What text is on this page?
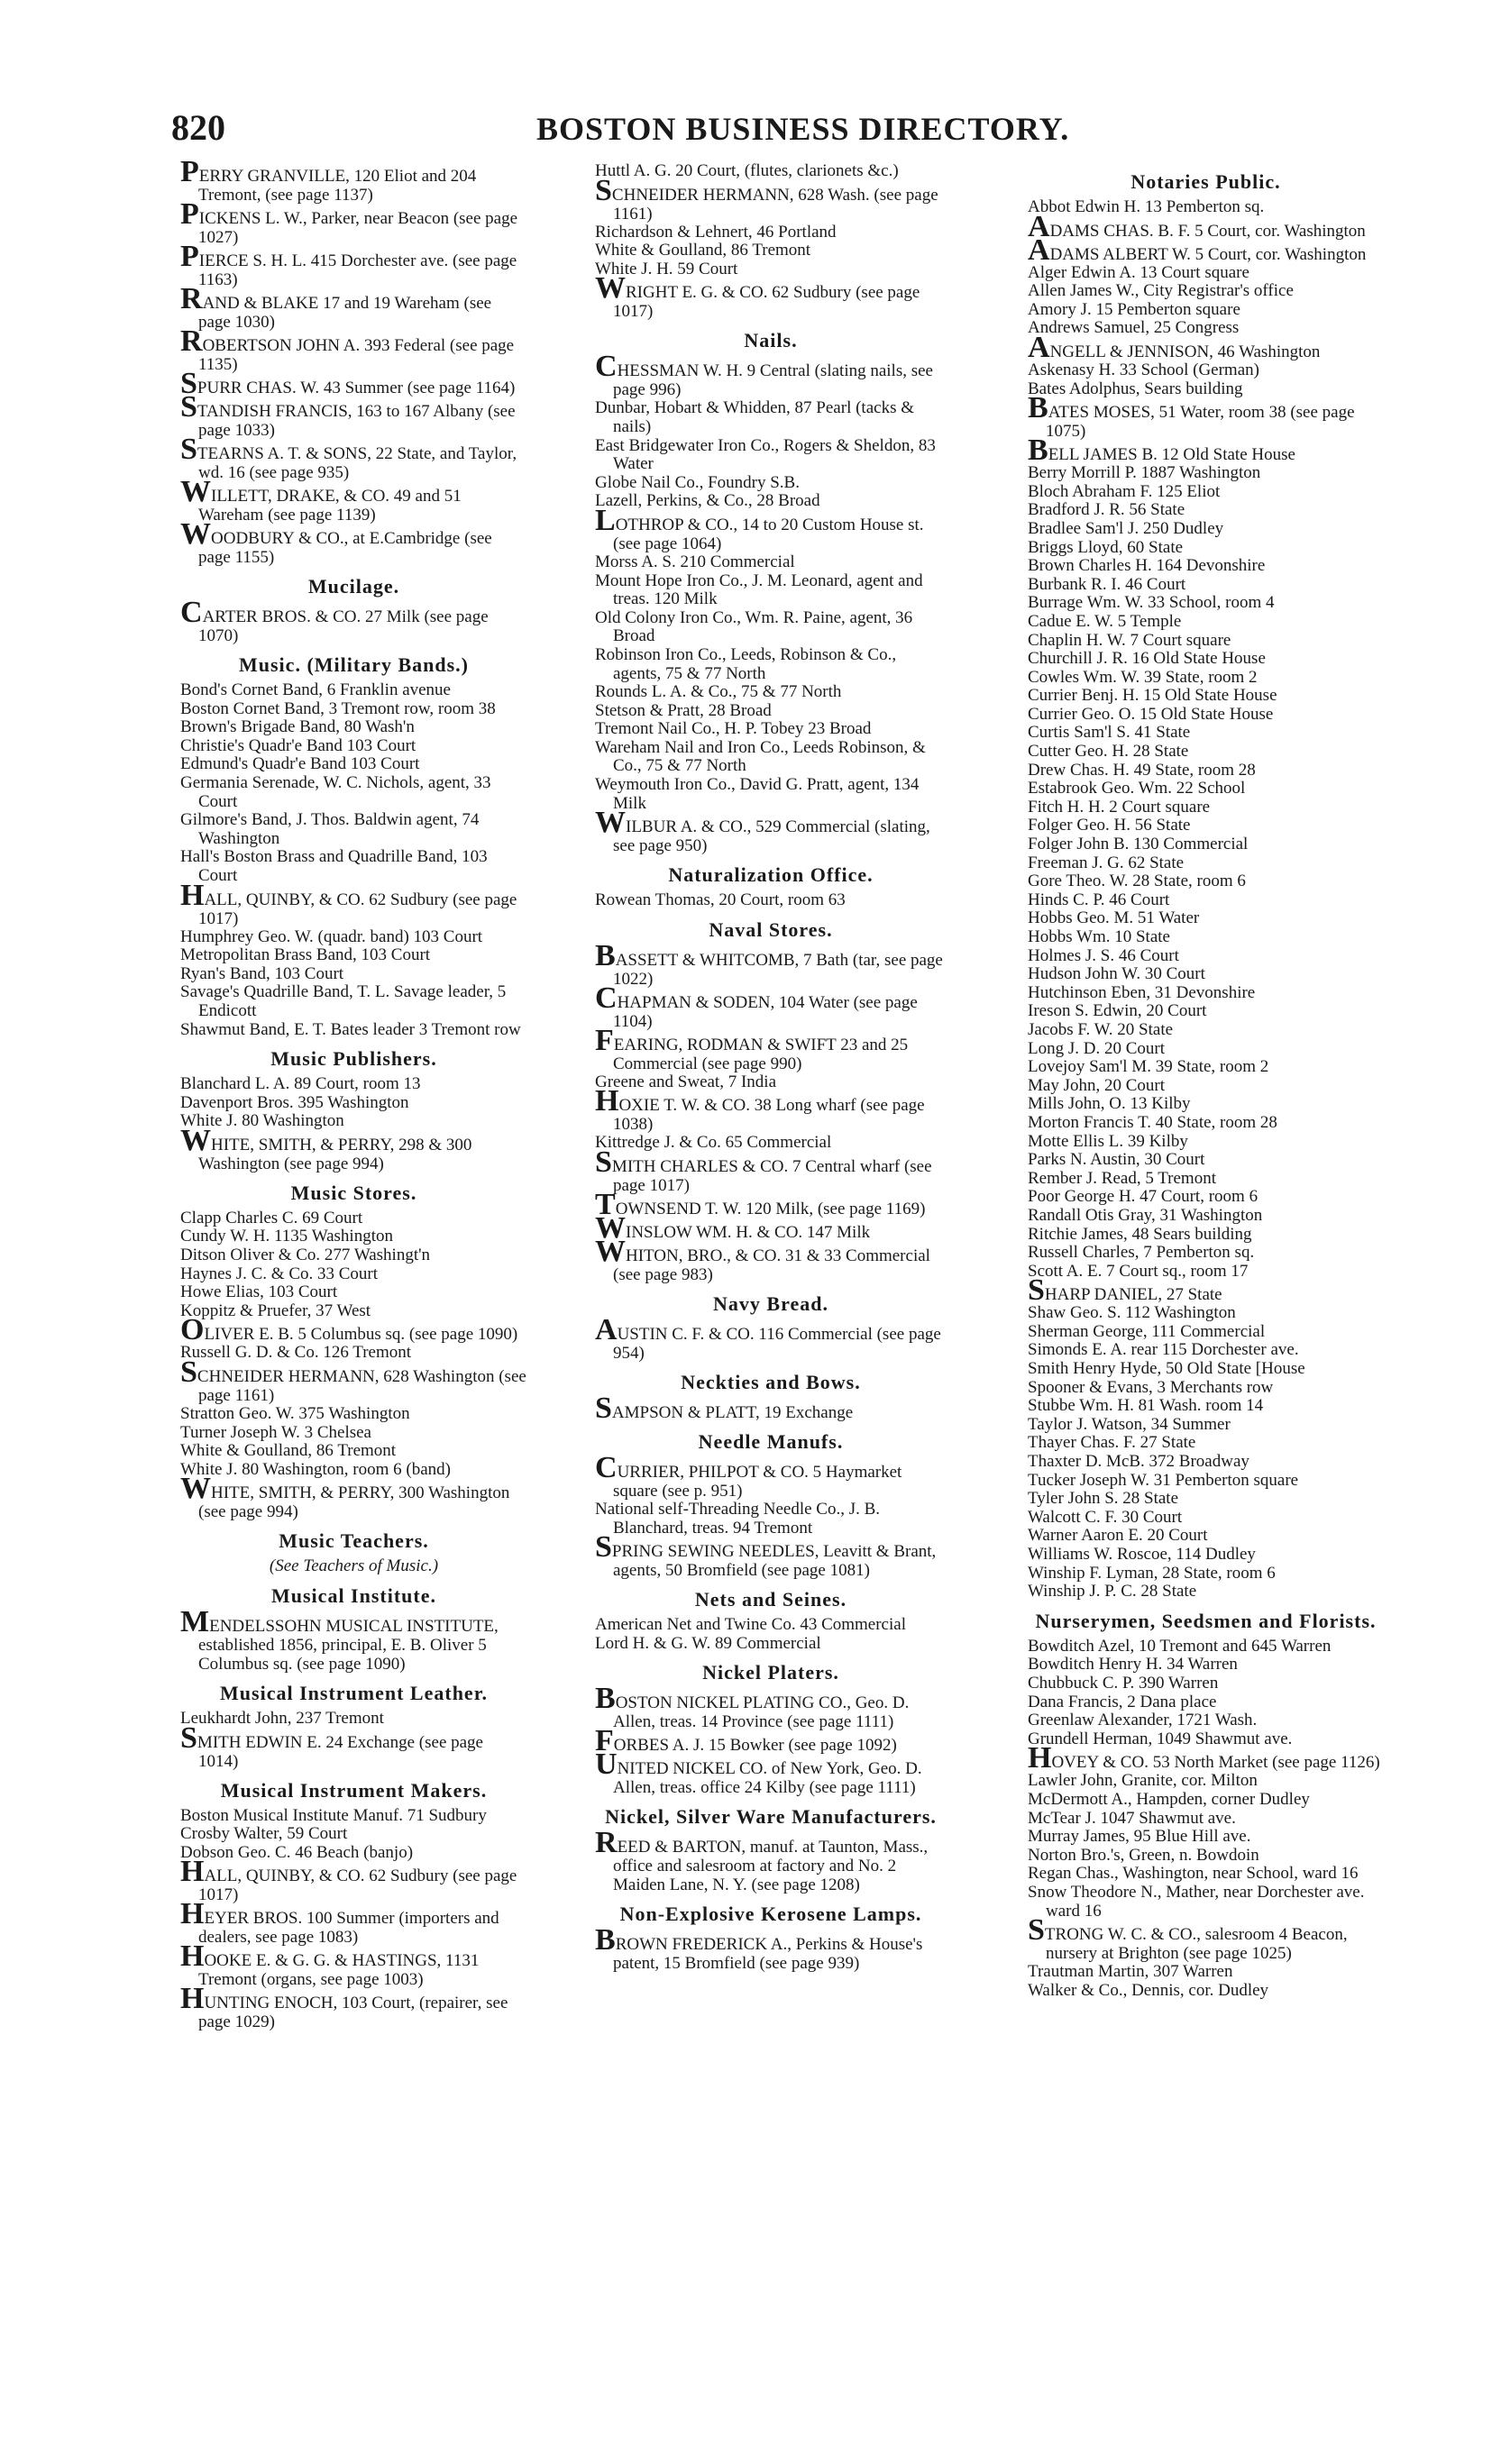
820	BOSTON BUSINESS DIRECTORY.

PERRY GRANVILLE, 120 Eliot and 204 Tremont, (see page 1137)

PICKENS L. W., Parker, near Beacon (see page 1027)

PIERCE S. H. L. 415 Dorchester ave. (see page 1163)

RAND & BLAKE 17 and 19 Wareham (see page 1030)

ROBERTSON JOHN A. 393 Federal (see page 1135)

SPURR CHAS. W. 43 Summer (see page 1164)

STANDISH FRANCIS, 163 to 167 Albany (see page 1033)

STEARNS A. T. & SONS, 22 State, and Taylor, wd. 16 (see page 935)

WILLETT, DRAKE, & CO. 49 and 51 Wareham (see page 1139)

WOODBURY & CO., at E.Cambridge (see page 1155)

Mucilage.

CARTER BROS. & CO. 27 Milk (see page 1070)

Music. (Military Bands.)

Bond's Cornet Band, 6 Franklin avenue

Boston Cornet Band, 3 Tremont row, room 38

Brown's Brigade Band, 80 Wash'n

Christie's Quadr'e Band 103 Court

Edmund's Quadr'e Band 103 Court

Germania Serenade, W. C. Nichols, agent, 33 Court

Gilmore's Band, J. Thos. Baldwin agent, 74 Washington

Hall's Boston Brass and Quadrille Band, 103 Court

HALL, QUINBY, & CO. 62 Sudbury (see page 1017)

Humphrey Geo. W. (quadr. band) 103 Court

Metropolitan Brass Band, 103 Court

Ryan's Band, 103 Court

Savage's Quadrille Band, T. L. Savage leader, 5 Endicott

Shawmut Band, E. T. Bates leader 3 Tremont row

Music Publishers.

Blanchard L. A. 89 Court, room 13

Davenport Bros. 395 Washington

White J. 80 Washington

WHITE, SMITH, & PERRY, 298 & 300 Washington (see page 994)

Music Stores.

Clapp Charles C. 69 Court

Cundy W. H. 1135 Washington

Ditson Oliver & Co. 277 Washingt'n

Haynes J. C. & Co. 33 Court

Howe Elias, 103 Court

Koppitz & Pruefer, 37 West

OLIVER E. B. 5 Columbus sq. (see page 1090)

Russell G. D. & Co. 126 Tremont

SCHNEIDER HERMANN, 628 Washington (see page 1161)

Stratton Geo. W. 375 Washington

Turner Joseph W. 3 Chelsea

White & Goulland, 86 Tremont

White J. 80 Washington, room 6 (band)

WHITE, SMITH, & PERRY, 300 Washington (see page 994)

Music Teachers.
(See Teachers of Music.)
Musical Institute.

MENDELSSOHN MUSICAL INSTITUTE, established 1856, principal, E. B. Oliver 5 Columbus sq. (see page 1090)

Musical Instrument Leather.

Leukhardt John, 237 Tremont

SMITH EDWIN E. 24 Exchange (see page 1014)

Musical Instrument Makers.

Boston Musical Institute Manuf. 71 Sudbury

Crosby Walter, 59 Court

Dobson Geo. C. 46 Beach (banjo)

HALL, QUINBY, & CO. 62 Sudbury (see page 1017)

HEYER BROS. 100 Summer (importers and dealers, see page 1083)

HOOKE E. & G. G. & HASTINGS, 1131 Tremont (organs, see page 1003)

HUNTING ENOCH, 103 Court, (repairer, see page 1029)

Huttl A. G. 20 Court, (flutes, clarionets &c.)

SCHNEIDER HERMANN, 628 Wash. (see page 1161)

Richardson & Lehnert, 46 Portland

White & Goulland, 86 Tremont

White J. H. 59 Court

WRIGHT E. G. & CO. 62 Sudbury (see page 1017)

Nails.

CHESSMAN W. H. 9 Central (slating nails, see page 996)

Dunbar, Hobart & Whidden, 87 Pearl (tacks & nails)

East Bridgewater Iron Co., Rogers & Sheldon, 83 Water

Globe Nail Co., Foundry S.B.

Lazell, Perkins, & Co., 28 Broad

LOTHROP & CO., 14 to 20 Custom House st. (see page 1064)

Morss A. S. 210 Commercial

Mount Hope Iron Co., J. M. Leonard, agent and treas. 120 Milk

Old Colony Iron Co., Wm. R. Paine, agent, 36 Broad

Robinson Iron Co., Leeds, Robinson & Co., agents, 75 & 77 North

Rounds L. A. & Co., 75 & 77 North

Stetson & Pratt, 28 Broad

Tremont Nail Co., H. P. Tobey 23 Broad

Wareham Nail and Iron Co., Leeds Robinson, & Co., 75 & 77 North

Weymouth Iron Co., David G. Pratt, agent, 134 Milk

WILBUR A. & CO., 529 Commercial (slating, see page 950)

Naturalization Office.

Rowean Thomas, 20 Court, room 63

Naval Stores.

BASSETT & WHITCOMB, 7 Bath (tar, see page 1022)

CHAPMAN & SODEN, 104 Water (see page 1104)

FEARING, RODMAN & SWIFT 23 and 25 Commercial (see page 990)

Greene and Sweat, 7 India

HOXIE T. W. & CO. 38 Long wharf (see page 1038)

Kittredge J. & Co. 65 Commercial

SMITH CHARLES & CO. 7 Central wharf (see page 1017)

TOWNSEND T. W. 120 Milk, (see page 1169)

WINSLOW WM. H. & CO. 147 Milk

WHITON, BRO., & CO. 31 & 33 Commercial (see page 983)

Navy Bread.

AUSTIN C. F. & CO. 116 Commercial (see page 954)

Neckties and Bows.

SAMPSON & PLATT, 19 Exchange

Needle Manufs.

CURRIER, PHILPOT & CO. 5 Haymarket square (see p. 951)

National self-Threading Needle Co., J. B. Blanchard, treas. 94 Tremont

SPRING SEWING NEEDLES, Leavitt & Brant, agents, 50 Bromfield (see page 1081)

Nets and Seines.

American Net and Twine Co. 43 Commercial

Lord H. & G. W. 89 Commercial

Nickel Platers.

BOSTON NICKEL PLATING CO., Geo. D. Allen, treas. 14 Province (see page 1111)

FORBES A. J. 15 Bowker (see page 1092)

UNITED NICKEL CO. of New York, Geo. D. Allen, treas. office 24 Kilby (see page 1111)

Nickel, Silver Ware Manufacturers.

REED & BARTON, manuf. at Taunton, Mass., office and salesroom at factory and No. 2 Maiden Lane, N. Y. (see page 1208)

Non-Explosive Kerosene Lamps.

BROWN FREDERICK A., Perkins & House's patent, 15 Bromfield (see page 939)

Notaries Public.

Abbot Edwin H. 13 Pemberton sq.

ADAMS CHAS. B. F. 5 Court, cor. Washington

ADAMS ALBERT W. 5 Court, cor. Washington

Alger Edwin A. 13 Court square

Allen James W., City Registrar's office

Amory J. 15 Pemberton square

Andrews Samuel, 25 Congress

ANGELL & JENNISON, 46 Washington

Askenasy H. 33 School (German)

Bates Adolphus, Sears building

BATES MOSES, 51 Water, room 38 (see page 1075)

BELL JAMES B. 12 Old State House

Berry Morrill P. 1887 Washington

Bloch Abraham F. 125 Eliot

Bradford J. R. 56 State

Bradlee Sam'l J. 250 Dudley

Briggs Lloyd, 60 State

Brown Charles H. 164 Devonshire

Burbank R. I. 46 Court

Burrage Wm. W. 33 School, room 4

Cadue E. W. 5 Temple

Chaplin H. W. 7 Court square

Churchill J. R. 16 Old State House

Cowles Wm. W. 39 State, room 2

Currier Benj. H. 15 Old State House

Currier Geo. O. 15 Old State House

Curtis Sam'l S. 41 State

Cutter Geo. H. 28 State

Drew Chas. H. 49 State, room 28

Estabrook Geo. Wm. 22 School

Fitch H. H. 2 Court square

Folger Geo. H. 56 State

Folger John B. 130 Commercial

Freeman J. G. 62 State

Gore Theo. W. 28 State, room 6

Hinds C. P. 46 Court

Hobbs Geo. M. 51 Water

Hobbs Wm. 10 State

Holmes J. S. 46 Court

Hudson John W. 30 Court

Hutchinson Eben, 31 Devonshire

Ireson S. Edwin, 20 Court

Jacobs F. W. 20 State

Long J. D. 20 Court

Lovejoy Sam'l M. 39 State, room 2

May John, 20 Court

Mills John, O. 13 Kilby

Morton Francis T. 40 State, room 28

Motte Ellis L. 39 Kilby

Parks N. Austin, 30 Court

Rember J. Read, 5 Tremont

Poor George H. 47 Court, room 6

Randall Otis Gray, 31 Washington

Ritchie James, 48 Sears building

Russell Charles, 7 Pemberton sq.

Scott A. E. 7 Court sq., room 17

SHARP DANIEL, 27 State

Shaw Geo. S. 112 Washington

Sherman George, 111 Commercial

Simonds E. A. rear 115 Dorchester ave.

Smith Henry Hyde, 50 Old State [House

Spooner & Evans, 3 Merchants row

Stubbe Wm. H. 81 Wash. room 14

Taylor J. Watson, 34 Summer

Thayer Chas. F. 27 State

Thaxter D. McB. 372 Broadway

Tucker Joseph W. 31 Pemberton square

Tyler John S. 28 State

Walcott C. F. 30 Court

Warner Aaron E. 20 Court

Williams W. Roscoe, 114 Dudley

Winship F. Lyman, 28 State, room 6

Winship J. P. C. 28 State

Nurserymen, Seedsmen and Florists.

Bowditch Azel, 10 Tremont and 645 Warren

Bowditch Henry H. 34 Warren

Chubbuck C. P. 390 Warren

Dana Francis, 2 Dana place

Greenlaw Alexander, 1721 Wash.

Grundell Herman, 1049 Shawmut ave.

HOVEY & CO. 53 North Market (see page 1126)

Lawler John, Granite, cor. Milton

McDermott A., Hampden, corner Dudley

McTear J. 1047 Shawmut ave.

Murray James, 95 Blue Hill ave.

Norton Bro.'s, Green, n. Bowdoin

Regan Chas., Washington, near School, ward 16

Snow Theodore N., Mather, near Dorchester ave. ward 16

STRONG W. C. & CO., salesroom 4 Beacon, nursery at Brighton (see page 1025)

Trautman Martin, 307 Warren

Walker & Co., Dennis, cor. Dudley
